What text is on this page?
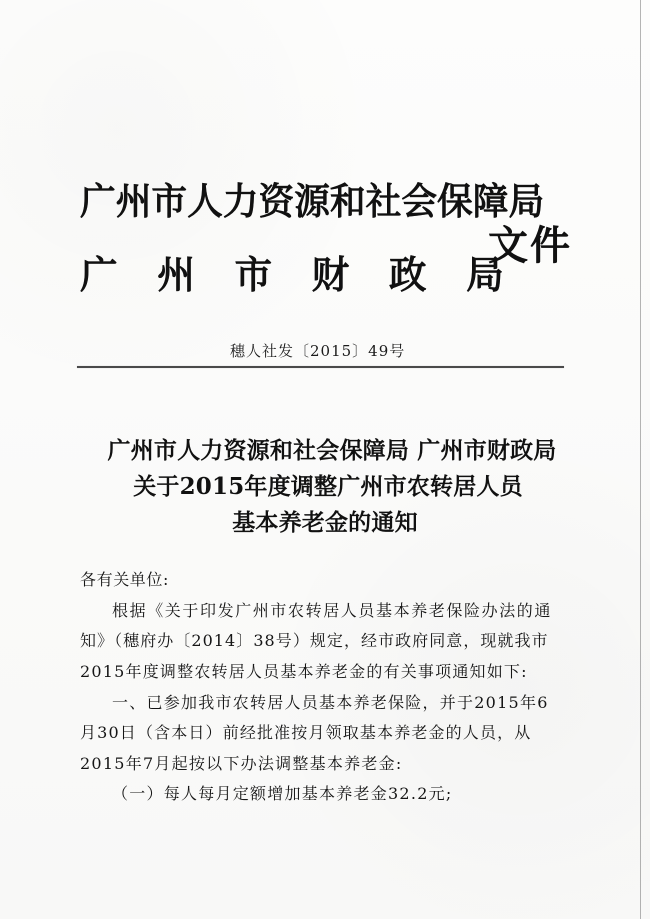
广州市人力资源和社会保障局
广州市财政局
文件
穗人社发〔2015〕49号
广州市人力资源和社会保障局 广州市财政局
关于2015年度调整广州市农转居人员
基本养老金的通知
各有关单位:
根据《关于印发广州市农转居人员基本养老保险办法的通
知》（穗府办〔2014〕38号）规定，经市政府同意，现就我市
2015年度调整农转居人员基本养老金的有关事项通知如下:
一、已参加我市农转居人员基本养老保险，并于2015年6
月30日（含本日）前经批准按月领取基本养老金的人员，从
2015年7月起按以下办法调整基本养老金:
（一）每人每月定额增加基本养老金32.2元;
